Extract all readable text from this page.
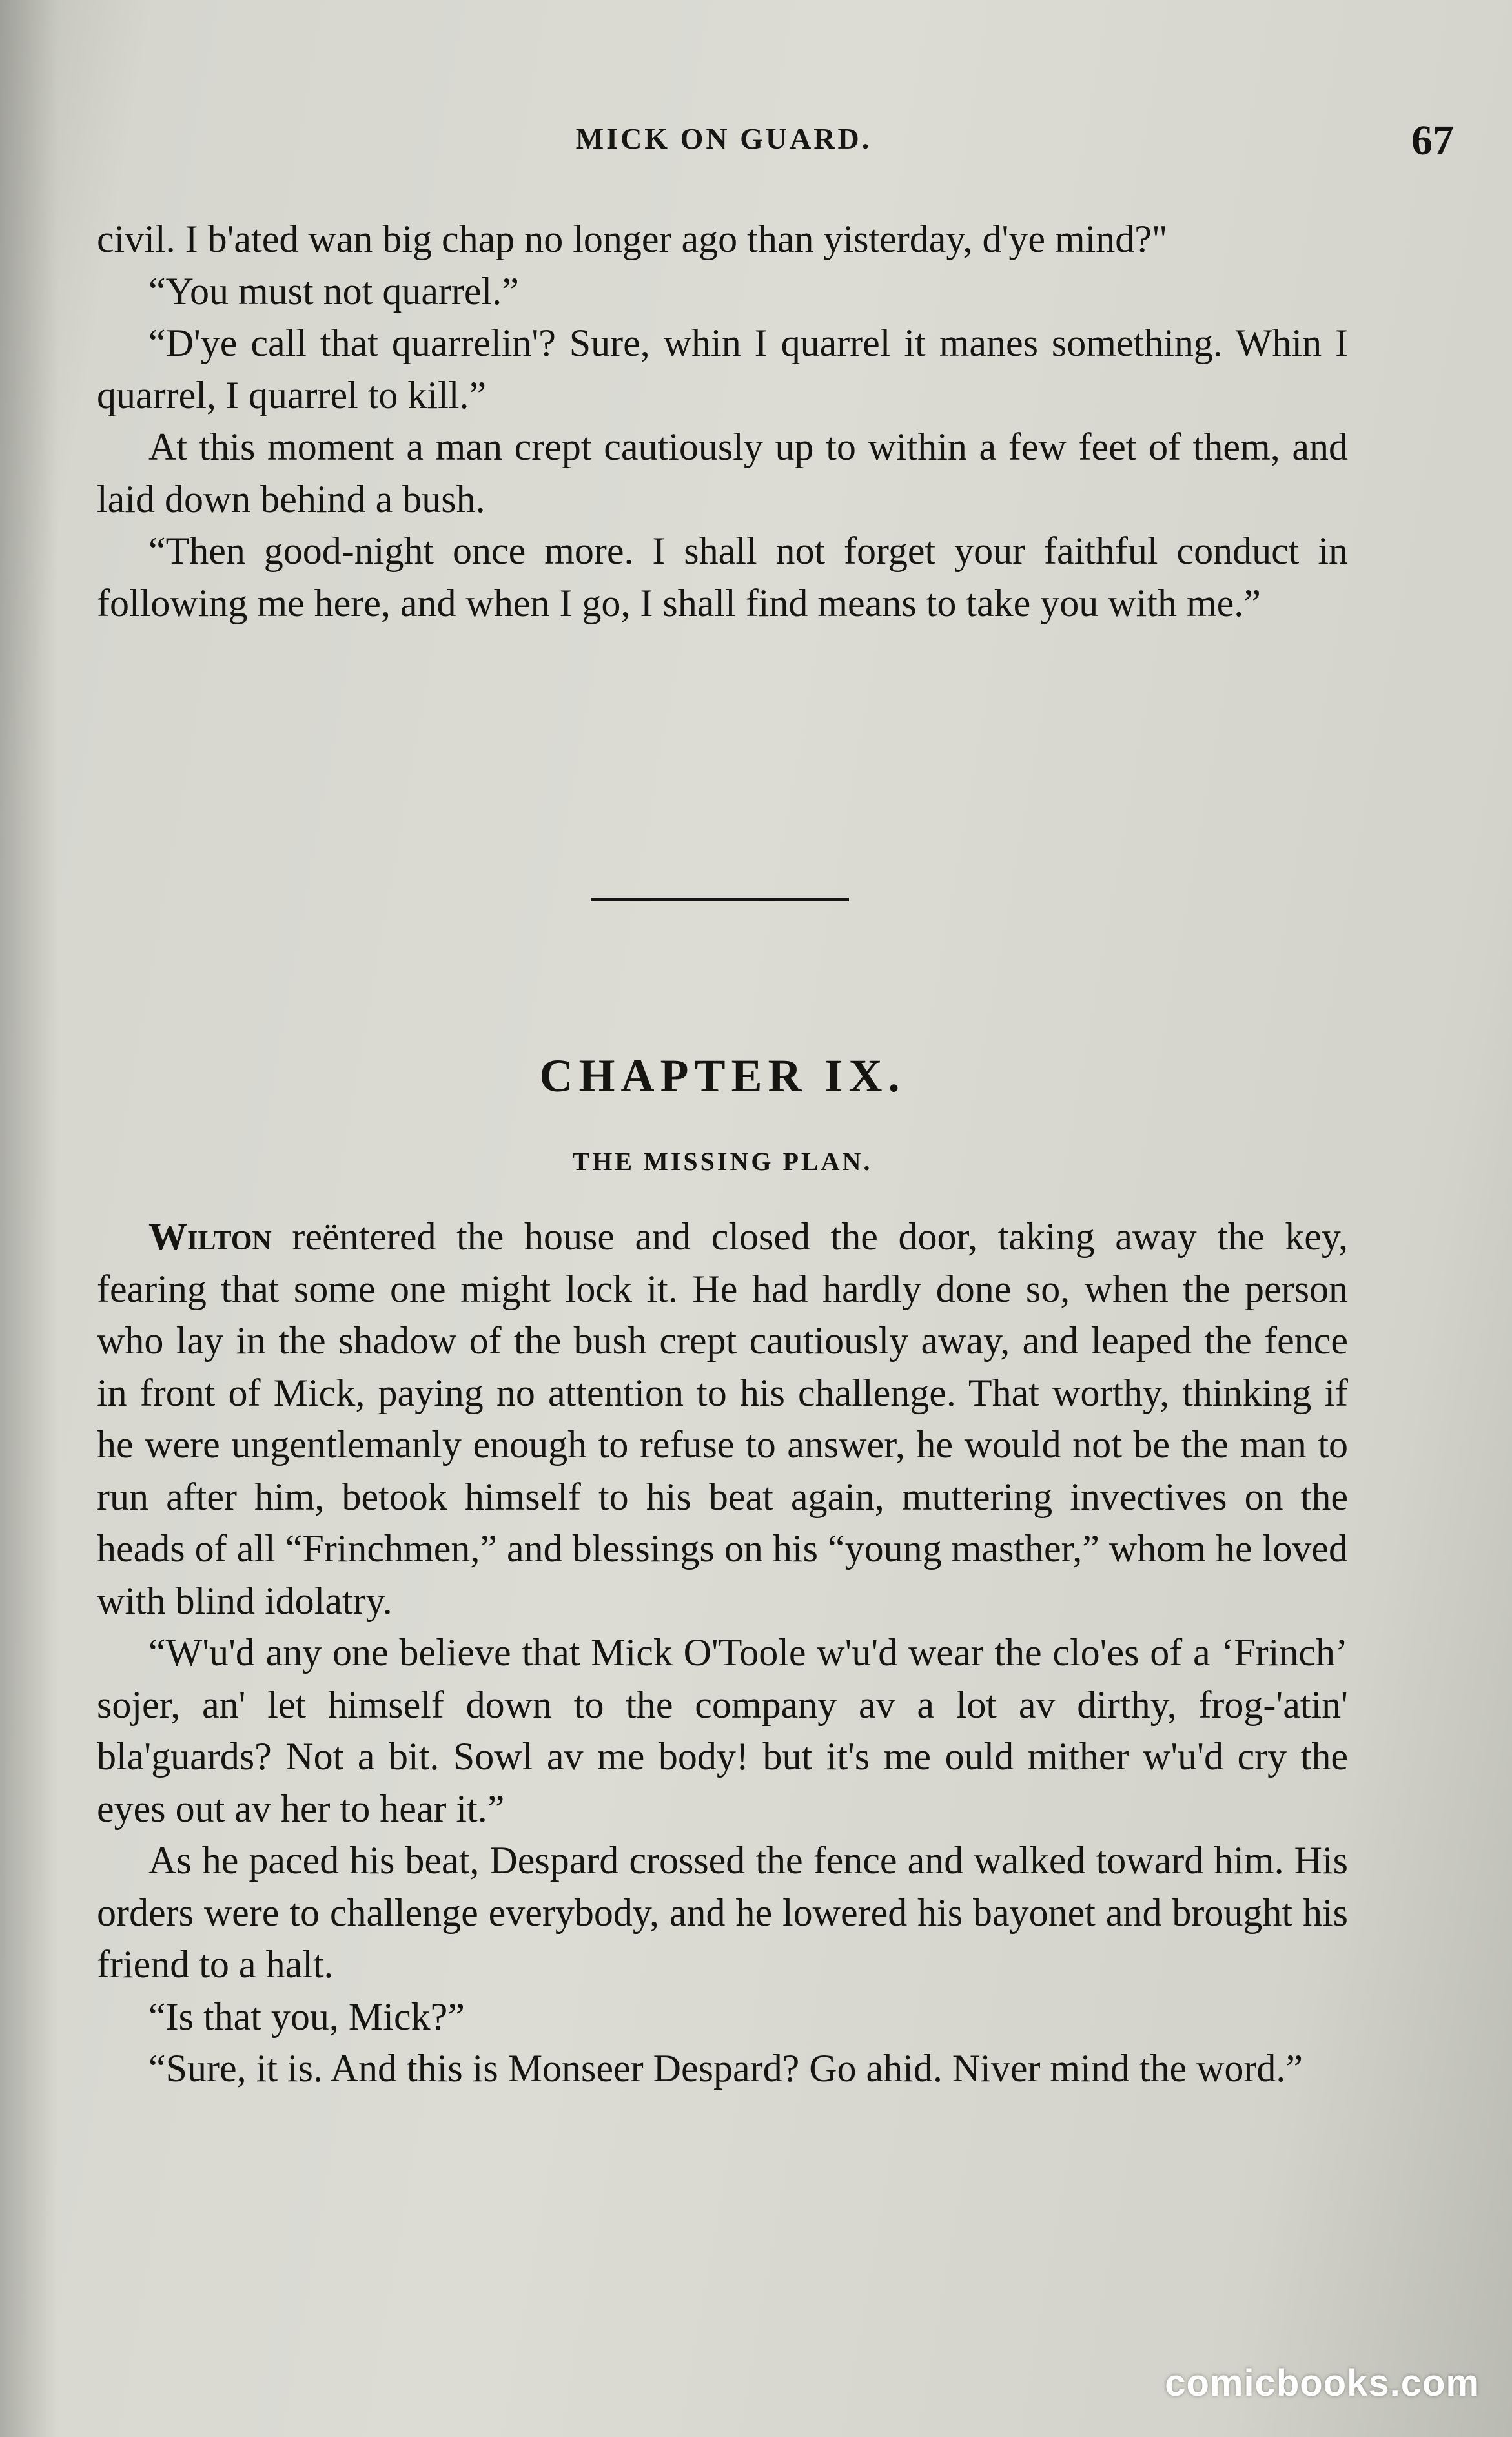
MICK ON GUARD.	67

civil. I b'ated wan big chap no longer ago than yisterday, d'ye mind?"

“You must not quarrel.”

“D'ye call that quarrelin'? Sure, whin I quarrel it manes something. Whin I quarrel, I quarrel to kill.”

At this moment a man crept cautiously up to within a few feet of them, and laid down behind a bush.

“Then good-night once more. I shall not forget your faithful conduct in following me here, and when I go, I shall find means to take you with me.”

CHAPTER IX.
THE MISSING PLAN.

Wilton reëntered the house and closed the door, taking away the key, fearing that some one might lock it. He had hardly done so, when the person who lay in the shadow of the bush crept cautiously away, and leaped the fence in front of Mick, paying no attention to his challenge. That worthy, thinking if he were ungentlemanly enough to refuse to answer, he would not be the man to run after him, betook himself to his beat again, muttering invectives on the heads of all “Frinchmen,” and blessings on his “young masther,” whom he loved with blind idolatry.

“W'u'd any one believe that Mick O'Toole w'u'd wear the clo'es of a ‘Frinch’ sojer, an' let himself down to the company av a lot av dirthy, frog-'atin' bla'guards? Not a bit. Sowl av me body! but it's me ould mither w'u'd cry the eyes out av her to hear it.”

As he paced his beat, Despard crossed the fence and walked toward him. His orders were to challenge everybody, and he lowered his bayonet and brought his friend to a halt.

“Is that you, Mick?”

“Sure, it is. And this is Monseer Despard? Go ahid. Niver mind the word.”

comicbooks.com
